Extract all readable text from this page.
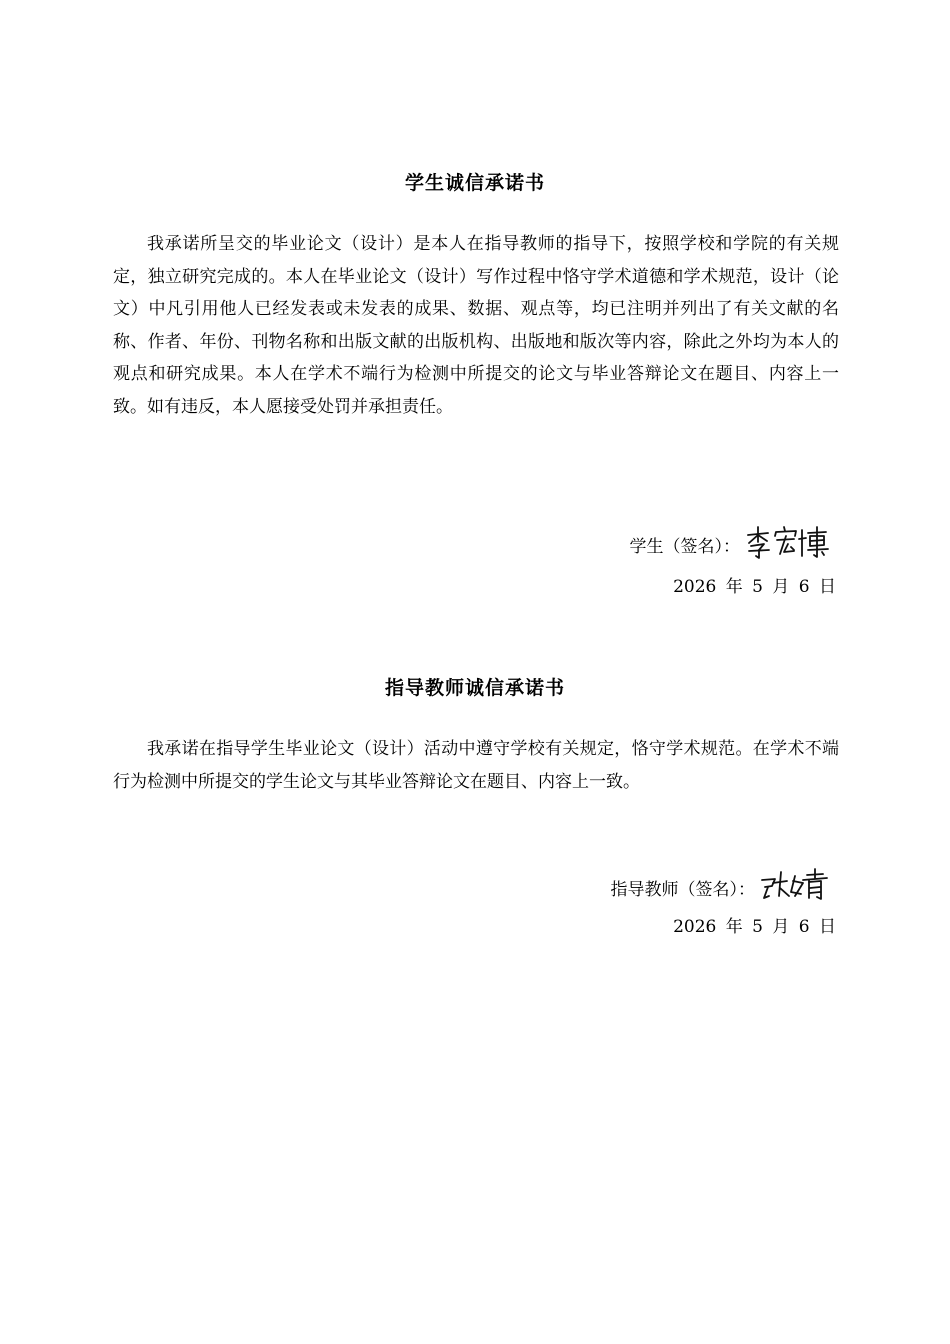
学生诚信承诺书

我承诺所呈交的毕业论文（设计）是本人在指导教师的指导下，按照学校和学院的有关规定，独立研究完成的。本人在毕业论文（设计）写作过程中恪守学术道德和学术规范，设计（论文）中凡引用他人已经发表或未发表的成果、数据、观点等，均已注明并列出了有关文献的名称、作者、年份、刊物名称和出版文献的出版机构、出版地和版次等内容，除此之外均为本人的观点和研究成果。本人在学术不端行为检测中所提交的论文与毕业答辩论文在题目、内容上一致。如有违反，本人愿接受处罚并承担责任。

学生（签名）：
2026 年 5 月 6 日
指导教师诚信承诺书

我承诺在指导学生毕业论文（设计）活动中遵守学校有关规定，恪守学术规范。在学术不端行为检测中所提交的学生论文与其毕业答辩论文在题目、内容上一致。

指导教师（签名）：
2026 年 5 月 6 日
